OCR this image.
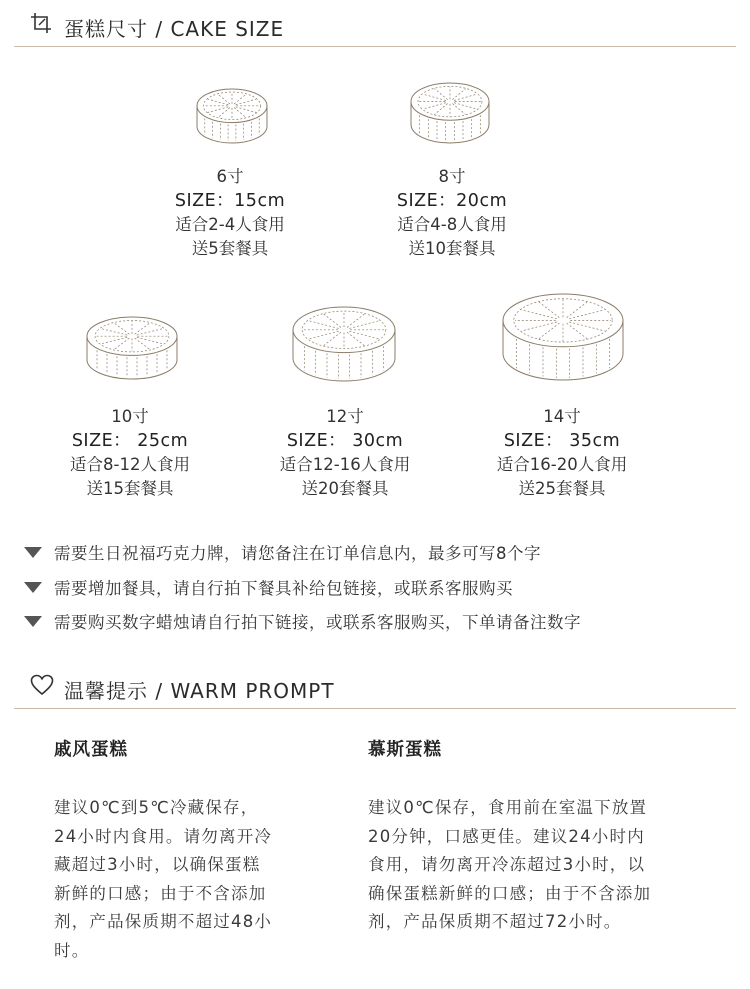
蛋糕尺寸 / CAKE SIZE
6寸
SIZE：15cm
适合2-4人食用
送5套餐具
8寸
SIZE：20cm
适合4-8人食用
送10套餐具
10寸
SIZE： 25cm
适合8-12人食用
送15套餐具
12寸
SIZE： 30cm
适合12-16人食用
送20套餐具
14寸
SIZE： 35cm
适合16-20人食用
送25套餐具
需要生日祝福巧克力牌，请您备注在订单信息内，最多可写8个字
需要增加餐具，请自行拍下餐具补给包链接，或联系客服购买
需要购买数字蜡烛请自行拍下链接，或联系客服购买，下单请备注数字
温馨提示 / WARM PROMPT
戚风蛋糕
建议0℃到5℃冷藏保存，
24小时内食用。请勿离开冷
藏超过3小时，以确保蛋糕
新鲜的口感；由于不含添加
剂，产品保质期不超过48小
时。
慕斯蛋糕
建议0℃保存，食用前在室温下放置
20分钟，口感更佳。建议24小时内
食用，请勿离开冷冻超过3小时，以
确保蛋糕新鲜的口感；由于不含添加
剂，产品保质期不超过72小时。
